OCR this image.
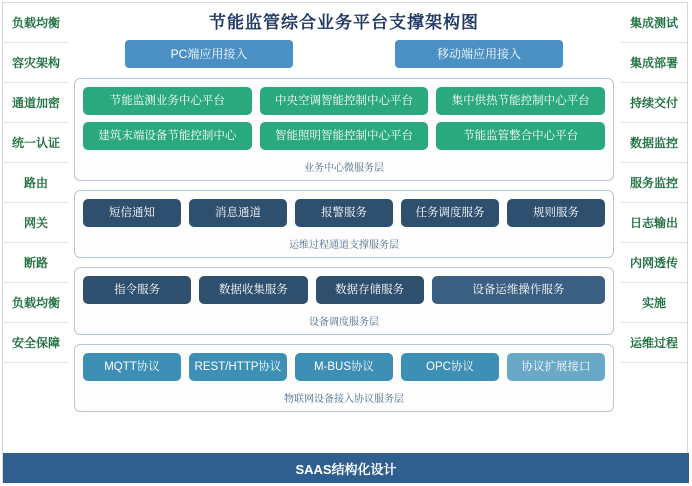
节能监管综合业务平台支撑架构图
负载均衡
容灾架构
通道加密
统一认证
路由
网关
断路
负载均衡
安全保障
集成测试
集成部署
持续交付
数据监控
服务监控
日志输出
内网透传
实施
运维过程
PC端应用接入	移动端应用接入
节能监测业务中心平台	中央空调智能控制中心平台	集中供热节能控制中心平台
建筑末端设备节能控制中心	智能照明智能控制中心平台	节能监管整合中心平台
业务中心微服务层
短信通知	消息通道	报警服务	任务调度服务	规则服务
运维过程通道支撑服务层
指令服务	数据收集服务	数据存储服务	设备运维操作服务
设备调度服务层
MQTT协议	REST/HTTP协议	M-BUS协议	OPC协议	协议扩展接口
物联网设备接入协议服务层
SAAS结构化设计
